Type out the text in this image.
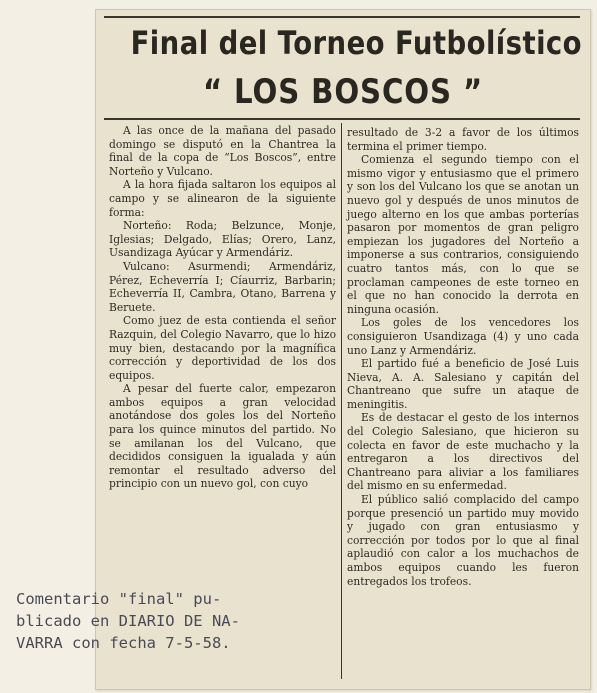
Final del Torneo Futbolístico
“ LOS BOSCOS ”

A las once de la mañana del pasado domingo se disputó en la Chantrea la final de la copa de “Los Boscos”, entre Norteño y Vulcano.

A la hora fijada saltaron los equipos al campo y se alinearon de la siguiente forma:

Norteño: Roda; Belzunce, Monje, Iglesias; Delgado, Elías; Orero, Lanz, Usandizaga Ayúcar y Armendáriz.

Vulcano: Asurmendi; Armendáriz, Pérez, Echeverría I; Cíaurriz, Barbarin; Echeverría II, Cambra, Otano, Barrena y Beruete.

Como juez de esta contienda el señor Razquin, del Colegio Navarro, que lo hizo muy bien, destacando por la magnífica corrección y deportividad de los dos equipos.

A pesar del fuerte calor, empezaron ambos equipos a gran velocidad anotándose dos goles los del Norteño para los quince minutos del partido. No se amilanan los del Vulcano, que decididos consiguen la igualada y aún remontar el resultado adverso del principio con un nuevo gol, con cuyo

resultado de 3-2 a favor de los últimos termina el primer tiempo.

Comienza el segundo tiempo con el mismo vigor y entusiasmo que el primero y son los del Vulcano los que se anotan un nuevo gol y después de unos minutos de juego alterno en los que ambas porterías pasaron por momentos de gran peligro empiezan los jugadores del Norteño a imponerse a sus contrarios, consiguiendo cuatro tantos más, con lo que se proclaman campeones de este torneo en el que no han conocido la derrota en ninguna ocasión.

Los goles de los vencedores los consiguieron Usandizaga (4) y uno cada uno Lanz y Armendáriz.

El partido fué a beneficio de José Luis Nieva, A. A. Salesiano y capitán del Chantreano que sufre un ataque de meningitis.

Es de destacar el gesto de los internos del Colegio Salesiano, que hicieron su colecta en favor de este muchacho y la entregaron a los directivos del Chantreano para aliviar a los familiares del mismo en su enfermedad.

El público salió complacido del campo porque presenció un partido muy movido y jugado con gran entusiasmo y corrección por todos por lo que al final aplaudió con calor a los muchachos de ambos equipos cuando les fueron entregados los trofeos.

Comentario "final" pu-

blicado en DIARIO DE NA-

VARRA con fecha 7-5-58.
